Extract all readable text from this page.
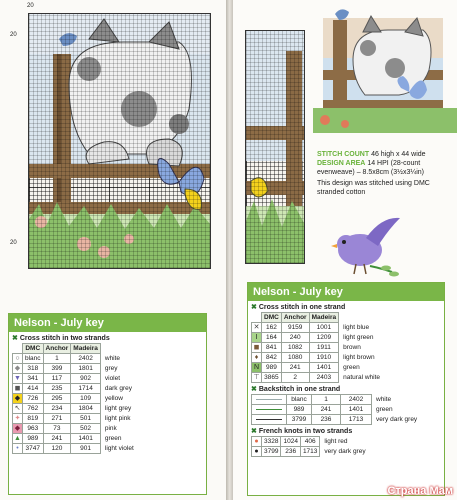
20
20
20
Nelson - July key
✖ Cross stitch in two strands
	DMC	Anchor	Madeira	
○	blanc	1	2402	white
◆	318	399	1801	grey
▼	341	117	902	violet
◼	414	235	1714	dark grey
◆	726	295	109	yellow
↖	762	234	1804	light grey
✦	819	271	501	light pink
◆	963	73	502	pink
▲	989	241	1401	green
•	3747	120	901	light violet
Nelson - July key
✖ Cross stitch in one strand
	DMC	Anchor	Madeira	
✕	162	9159	1001	light blue
I	164	240	1209	light green
◼	841	1082	1911	brown
♦	842	1080	1910	light brown
N	989	241	1401	green
⊤	3865	2	2403	natural white
✖ Backstitch in one strand
	blanc	1	2402	white
	989	241	1401	green
	3799	236	1713	very dark grey
✖ French knots in two strands
●	3328	1024	406	light red
●	3799	236	1713	very dark grey
STITCH COUNT 46 high x 44 wide
DESIGN AREA 14 HPI (28-count evenweave) – 8.5x8cm (3½x3¼in)
This design was stitched using DMC stranded cotton
Страна Мам
